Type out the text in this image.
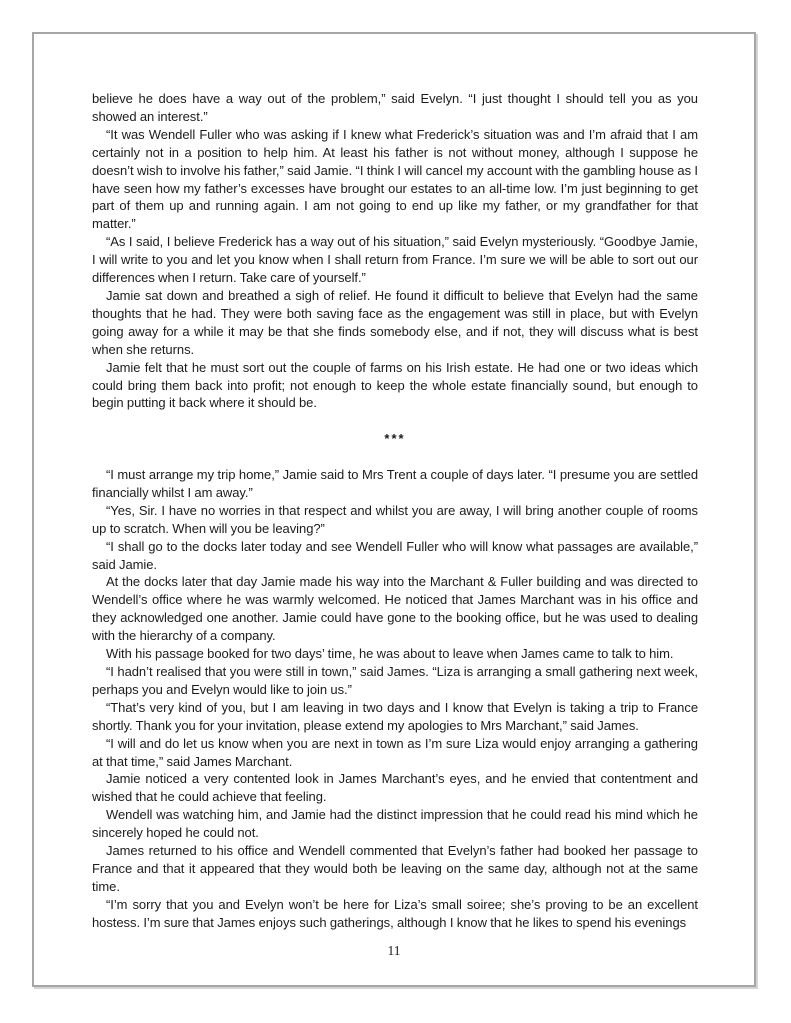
believe he does have a way out of the problem,” said Evelyn. “I just thought I should tell you as you showed an interest.”

“It was Wendell Fuller who was asking if I knew what Frederick’s situation was and I’m afraid that I am certainly not in a position to help him. At least his father is not without money, although I suppose he doesn’t wish to involve his father,” said Jamie. “I think I will cancel my account with the gambling house as I have seen how my father’s excesses have brought our estates to an all-time low. I’m just beginning to get part of them up and running again. I am not going to end up like my father, or my grandfather for that matter.”

“As I said, I believe Frederick has a way out of his situation,” said Evelyn mysteriously. “Goodbye Jamie, I will write to you and let you know when I shall return from France. I’m sure we will be able to sort out our differences when I return. Take care of yourself.”

Jamie sat down and breathed a sigh of relief. He found it difficult to believe that Evelyn had the same thoughts that he had. They were both saving face as the engagement was still in place, but with Evelyn going away for a while it may be that she finds somebody else, and if not, they will discuss what is best when she returns.

Jamie felt that he must sort out the couple of farms on his Irish estate. He had one or two ideas which could bring them back into profit; not enough to keep the whole estate financially sound, but enough to begin putting it back where it should be.

***

“I must arrange my trip home,” Jamie said to Mrs Trent a couple of days later. “I presume you are settled financially whilst I am away.”

“Yes, Sir. I have no worries in that respect and whilst you are away, I will bring another couple of rooms up to scratch. When will you be leaving?”

“I shall go to the docks later today and see Wendell Fuller who will know what passages are available,” said Jamie.

At the docks later that day Jamie made his way into the Marchant & Fuller building and was directed to Wendell’s office where he was warmly welcomed. He noticed that James Marchant was in his office and they acknowledged one another. Jamie could have gone to the booking office, but he was used to dealing with the hierarchy of a company.

With his passage booked for two days’ time, he was about to leave when James came to talk to him.

“I hadn’t realised that you were still in town,” said James. “Liza is arranging a small gathering next week, perhaps you and Evelyn would like to join us.”

“That’s very kind of you, but I am leaving in two days and I know that Evelyn is taking a trip to France shortly. Thank you for your invitation, please extend my apologies to Mrs Marchant,” said James.

“I will and do let us know when you are next in town as I’m sure Liza would enjoy arranging a gathering at that time,” said James Marchant.

Jamie noticed a very contented look in James Marchant’s eyes, and he envied that contentment and wished that he could achieve that feeling.

Wendell was watching him, and Jamie had the distinct impression that he could read his mind which he sincerely hoped he could not.

James returned to his office and Wendell commented that Evelyn’s father had booked her passage to France and that it appeared that they would both be leaving on the same day, although not at the same time.

“I’m sorry that you and Evelyn won’t be here for Liza’s small soiree; she’s proving to be an excellent hostess. I’m sure that James enjoys such gatherings, although I know that he likes to spend his evenings

11
